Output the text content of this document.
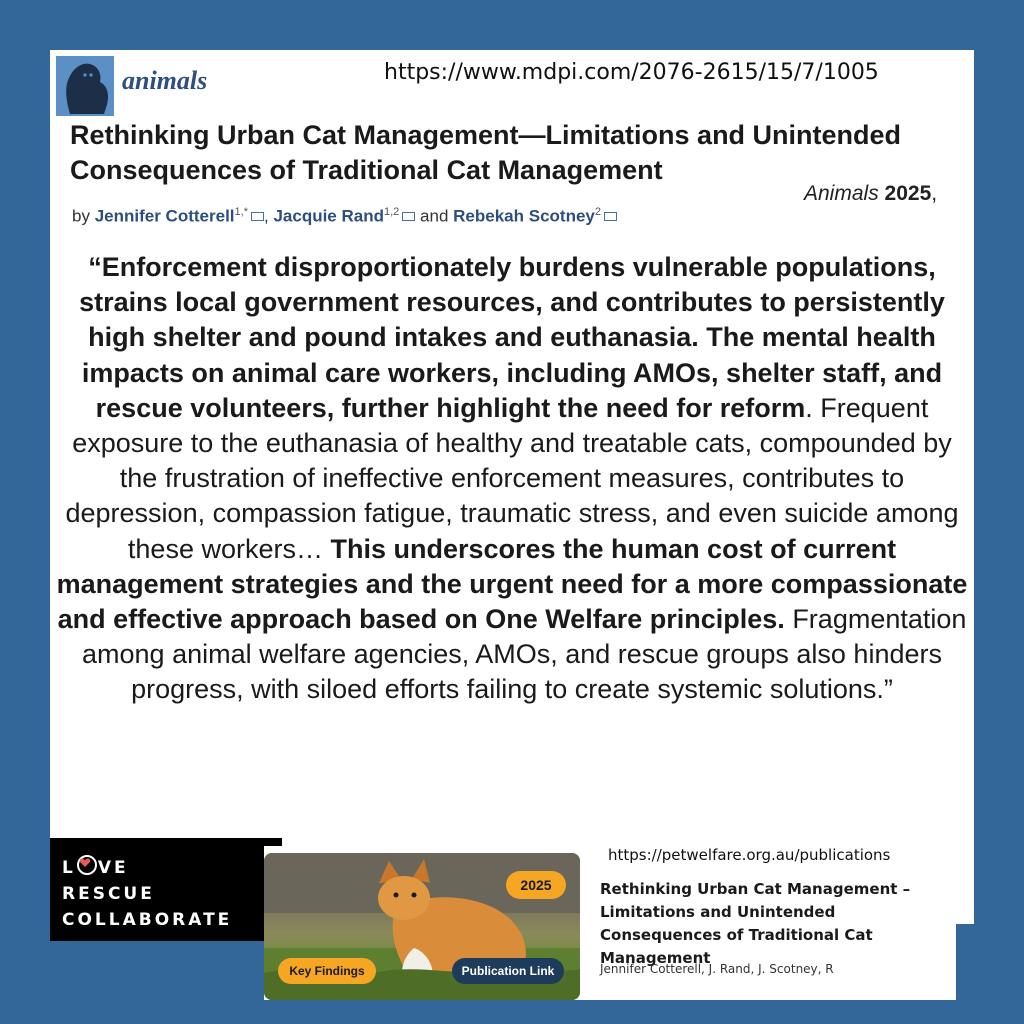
animals	https://www.mdpi.com/2076-2615/15/7/1005
Rethinking Urban Cat Management—Limitations and Unintended Consequences of Traditional Cat Management
Animals 2025,
by Jennifer Cotterell$^{1,*}$ , Jacquie Rand$^{1,2}$ and Rebekah Scotney$^2$
“Enforcement disproportionately burdens vulnerable populations, strains local government resources, and contributes to persistently high shelter and pound intakes and euthanasia. The mental health impacts on animal care workers, including AMOs, shelter staff, and rescue volunteers, further highlight the need for reform. Frequent exposure to the euthanasia of healthy and treatable cats, compounded by the frustration of ineffective enforcement measures, contributes to depression, compassion fatigue, traumatic stress, and even suicide among these workers… This underscores the human cost of current management strategies and the urgent need for a more compassionate and effective approach based on One Welfare principles. Fragmentation among animal welfare agencies, AMOs, and rescue groups also hinders progress, with siloed efforts failing to create systemic solutions.”
L VE
RESCUE
COLLABORATE
2025
Key Findings	Publication Link
https://petwelfare.org.au/publications
Rethinking Urban Cat Management – Limitations and Unintended Consequences of Traditional Cat Management
Jennifer Cotterell, J. Rand, J. Scotney, R
